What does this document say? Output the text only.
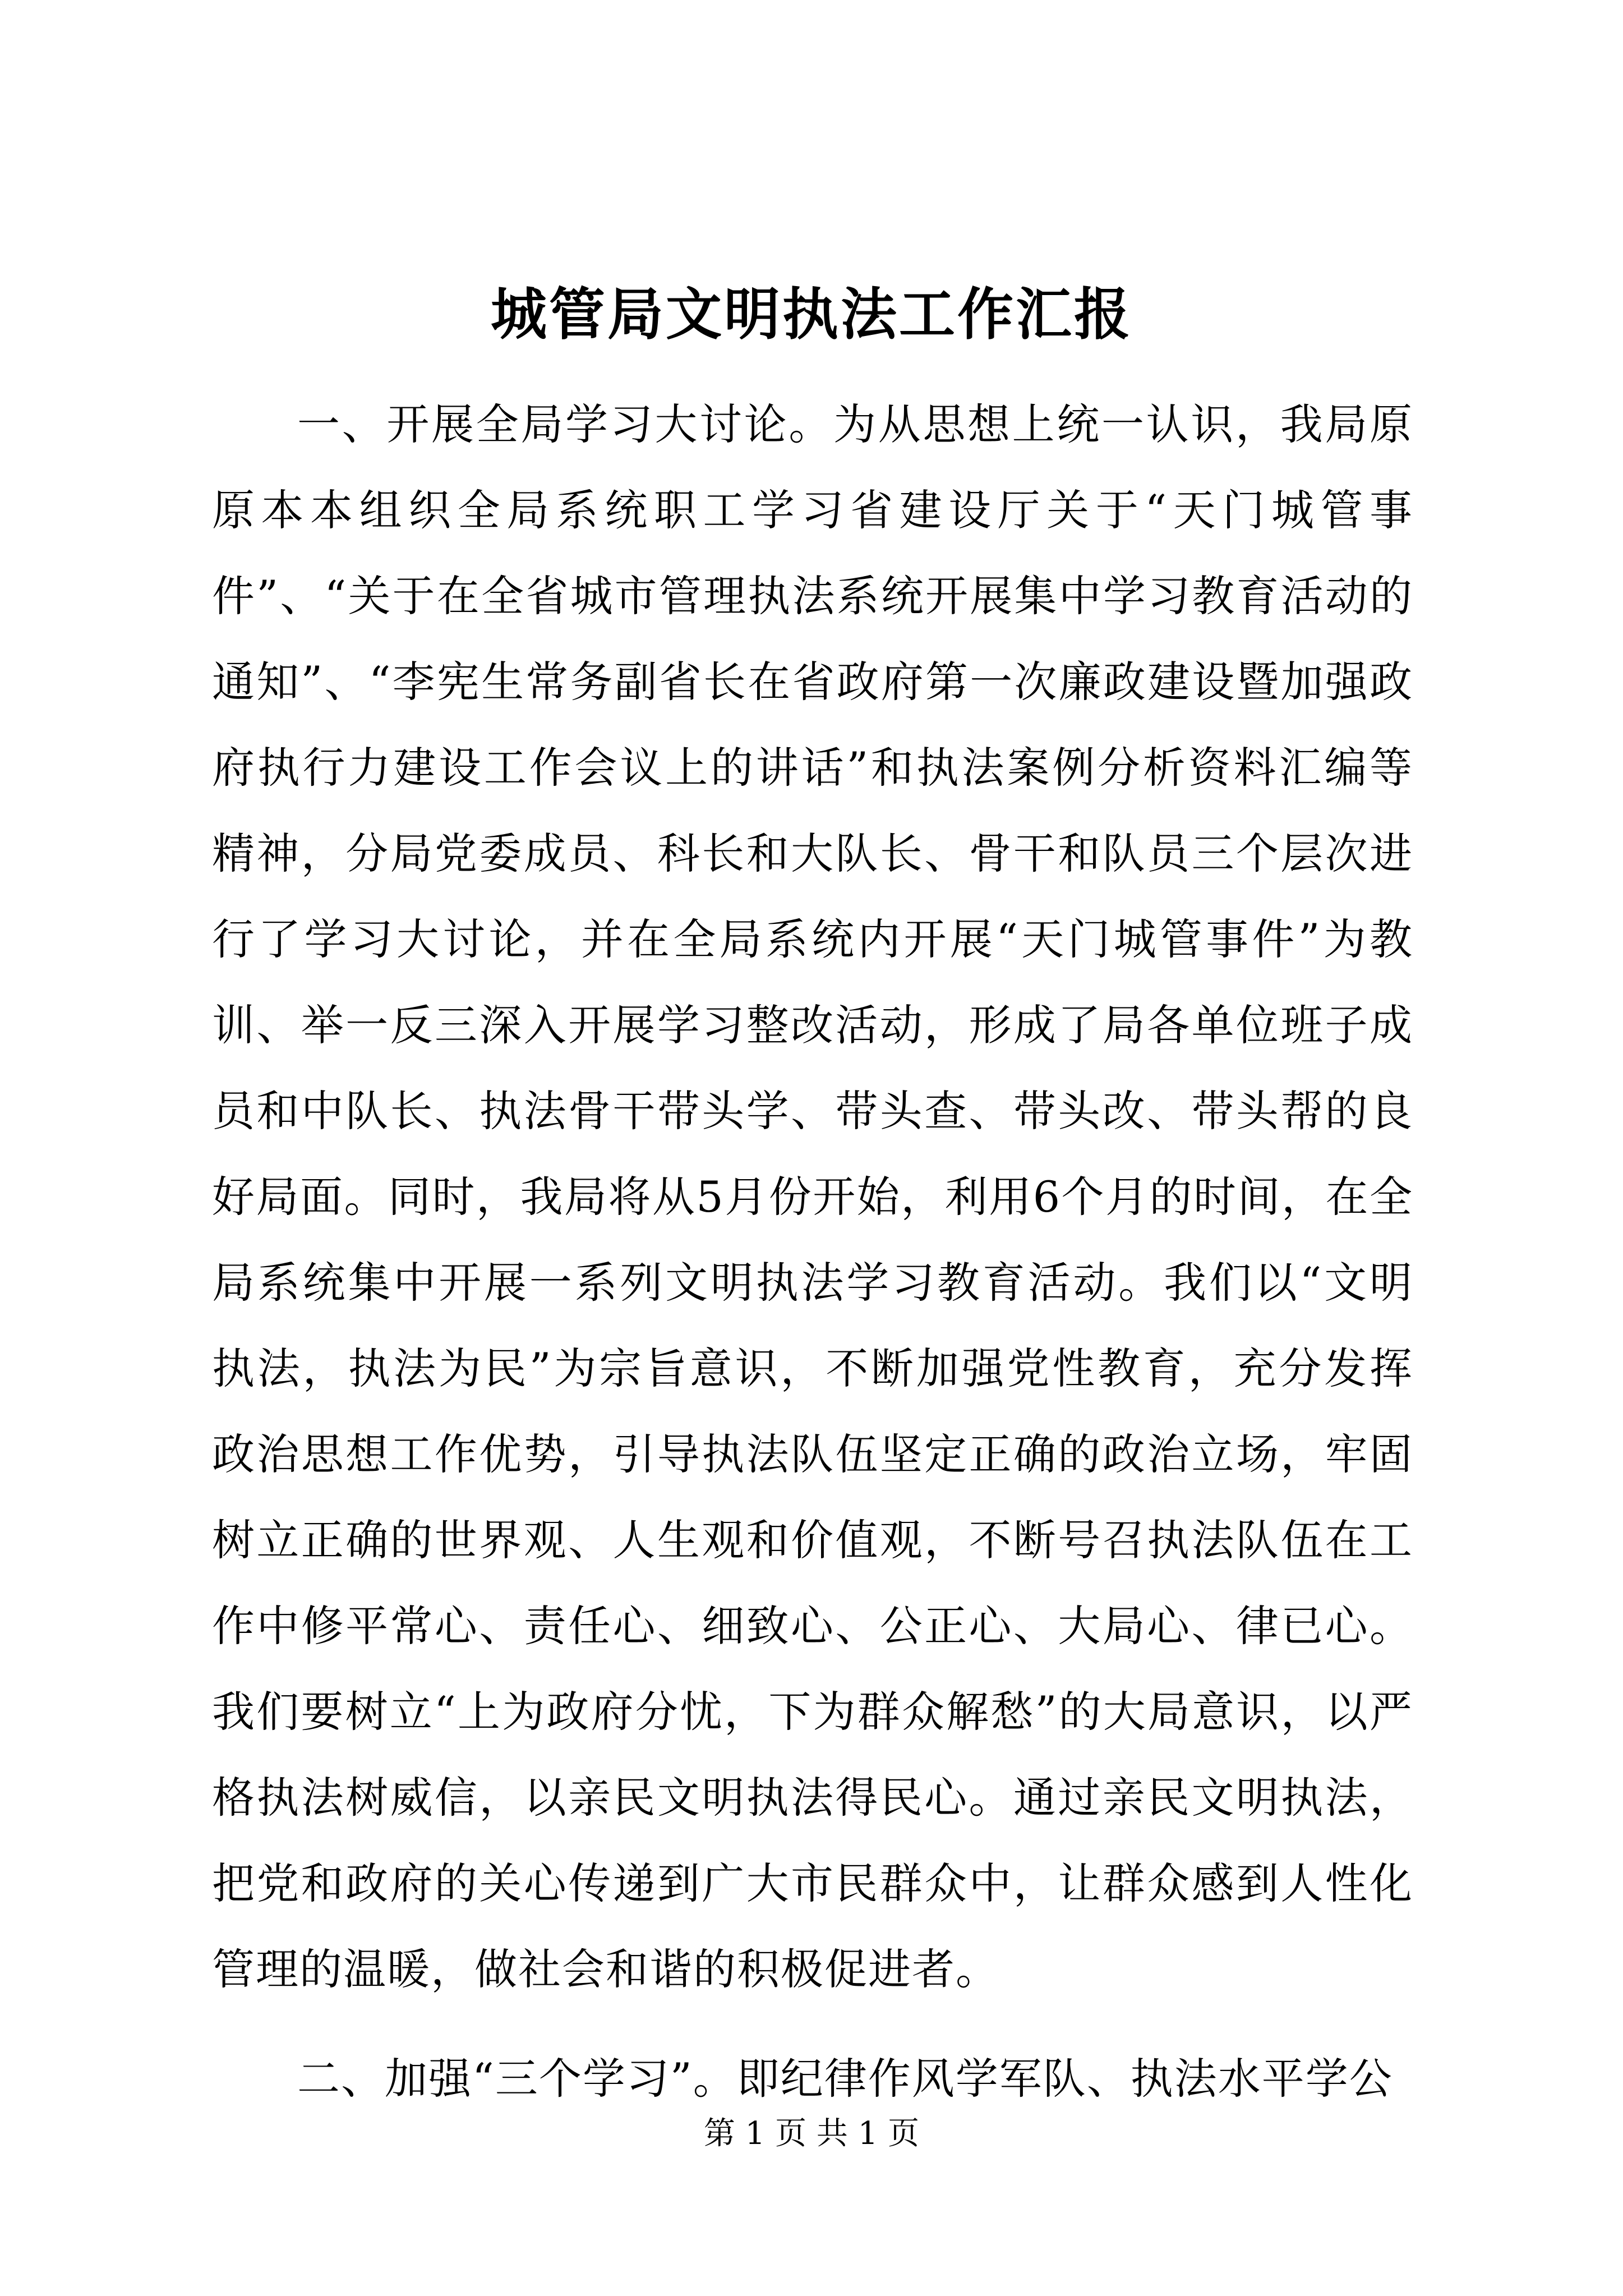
城管局文明执法工作汇报

一、开展全局学习大讨论。为从思想上统一认识，我局原原本本组织全局系统职工学习省建设厅关于“天门城管事件”、“关于在全省城市管理执法系统开展集中学习教育活动的通知”、“李宪生常务副省长在省政府第一次廉政建设暨加强政府执行力建设工作会议上的讲话”和执法案例分析资料汇编等精神，分局党委成员、科长和大队长、骨干和队员三个层次进行了学习大讨论，并在全局系统内开展“天门城管事件”为教训、举一反三深入开展学习整改活动，形成了局各单位班子成员和中队长、执法骨干带头学、带头查、带头改、带头帮的良好局面。同时，我局将从5月份开始，利用6个月的时间，在全局系统集中开展一系列文明执法学习教育活动。我们以“文明执法，执法为民”为宗旨意识，不断加强党性教育，充分发挥政治思想工作优势，引导执法队伍坚定正确的政治立场，牢固树立正确的世界观、人生观和价值观，不断号召执法队伍在工作中修平常心、责任心、细致心、公正心、大局心、律已心。我们要树立“上为政府分忧，下为群众解愁”的大局意识，以严格执法树威信，以亲民文明执法得民心。通过亲民文明执法，把党和政府的关心传递到广大市民群众中，让群众感到人性化管理的温暖，做社会和谐的积极促进者。

二、加强“三个学习”。即纪律作风学军队、执法水平学公

第 1 页 共 1 页
